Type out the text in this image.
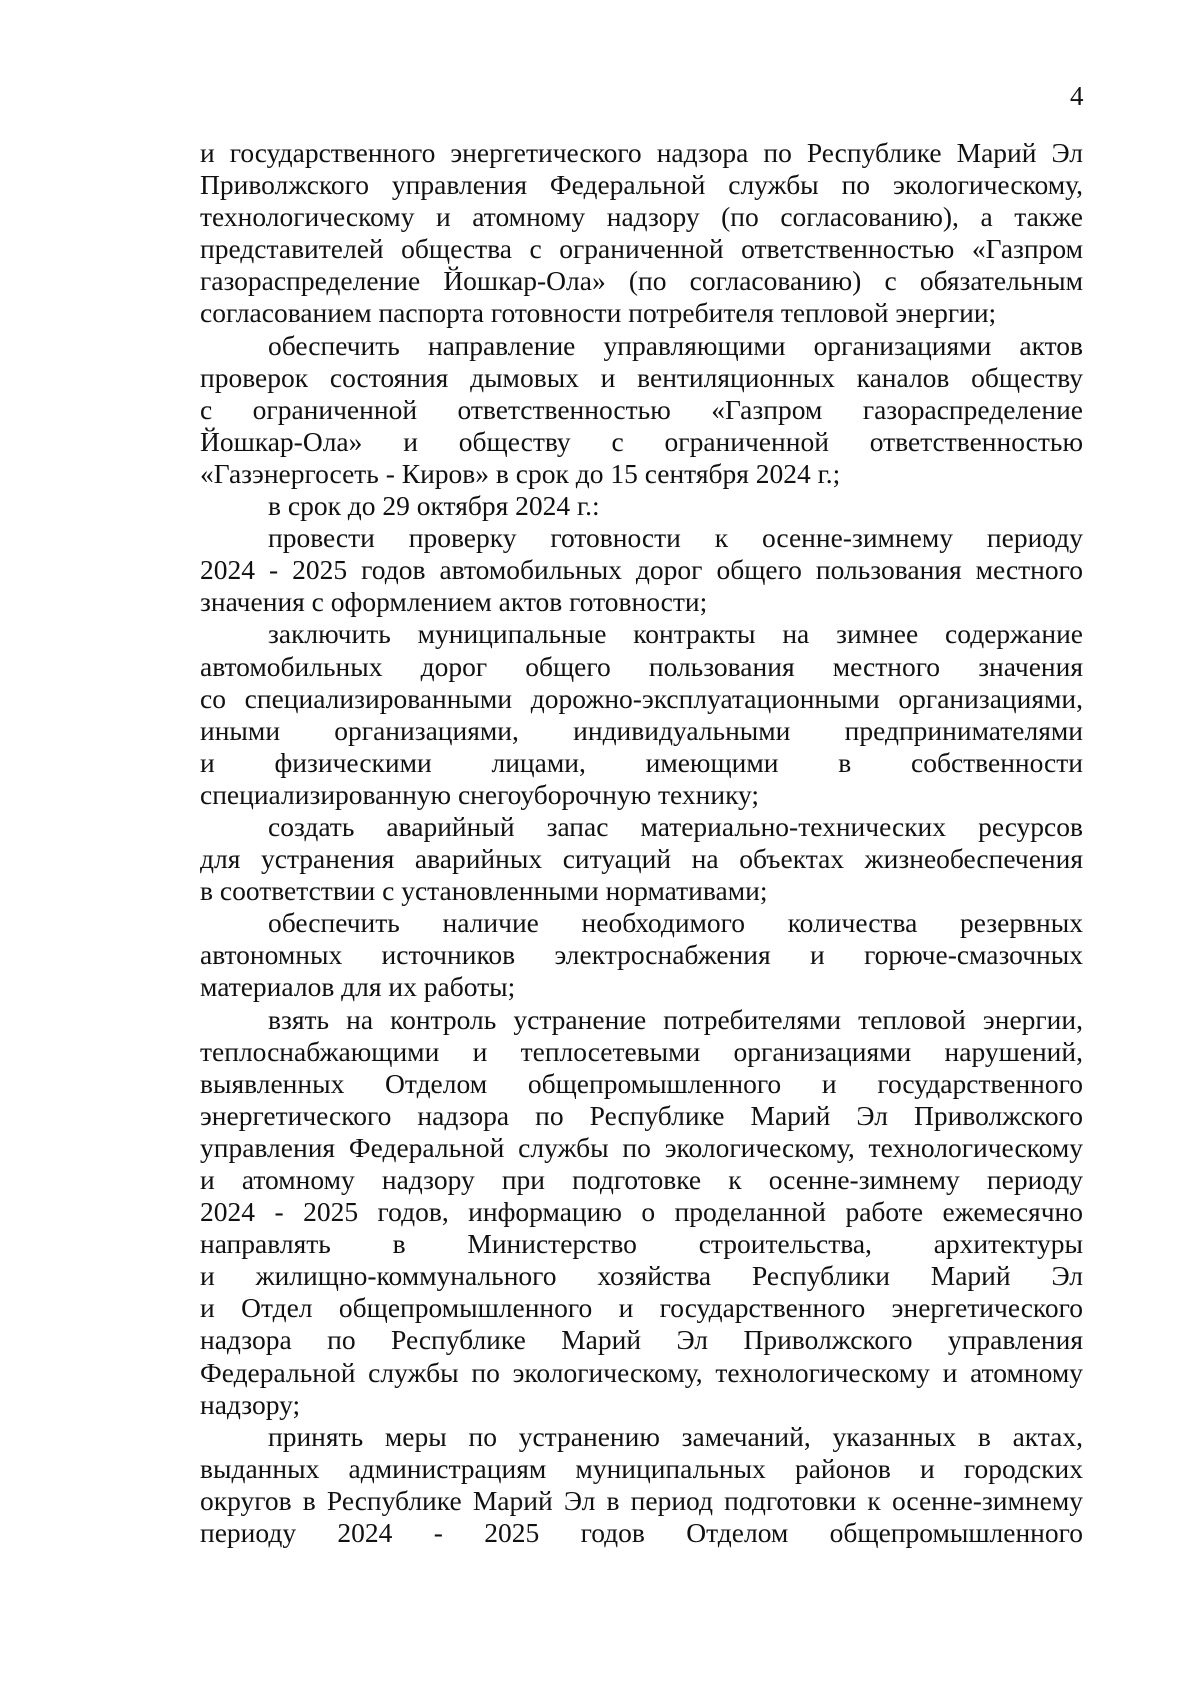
4
и государственного энергетического надзора по Республике Марий Эл
Приволжского управления Федеральной службы по экологическому,
технологическому и атомному надзору (по согласованию), а также
представителей общества с ограниченной ответственностью «Газпром
газораспределение Йошкар-Ола» (по согласованию) с обязательным
согласованием паспорта готовности потребителя тепловой энергии;
обеспечить направление управляющими организациями актов
проверок состояния дымовых и вентиляционных каналов обществу
с ограниченной ответственностью «Газпром газораспределение
Йошкар-Ола» и обществу с ограниченной ответственностью
«Газэнергосеть - Киров» в срок до 15 сентября 2024 г.;
в срок до 29 октября 2024 г.:
провести проверку готовности к осенне-зимнему периоду
2024 - 2025 годов автомобильных дорог общего пользования местного
значения с оформлением актов готовности;
заключить муниципальные контракты на зимнее содержание
автомобильных дорог общего пользования местного значения
со специализированными дорожно-эксплуатационными организациями,
иными организациями, индивидуальными предпринимателями
и физическими лицами, имеющими в собственности
специализированную снегоуборочную технику;
создать аварийный запас материально-технических ресурсов
для устранения аварийных ситуаций на объектах жизнеобеспечения
в соответствии с установленными нормативами;
обеспечить наличие необходимого количества резервных
автономных источников электроснабжения и горюче-смазочных
материалов для их работы;
взять на контроль устранение потребителями тепловой энергии,
теплоснабжающими и теплосетевыми организациями нарушений,
выявленных Отделом общепромышленного и государственного
энергетического надзора по Республике Марий Эл Приволжского
управления Федеральной службы по экологическому, технологическому
и атомному надзору при подготовке к осенне-зимнему периоду
2024 - 2025 годов, информацию о проделанной работе ежемесячно
направлять в Министерство строительства, архитектуры
и жилищно-коммунального хозяйства Республики Марий Эл
и Отдел общепромышленного и государственного энергетического
надзора по Республике Марий Эл Приволжского управления
Федеральной службы по экологическому, технологическому и атомному
надзору;
принять меры по устранению замечаний, указанных в актах,
выданных администрациям муниципальных районов и городских
округов в Республике Марий Эл в период подготовки к осенне-зимнему
периоду 2024 - 2025 годов Отделом общепромышленного
